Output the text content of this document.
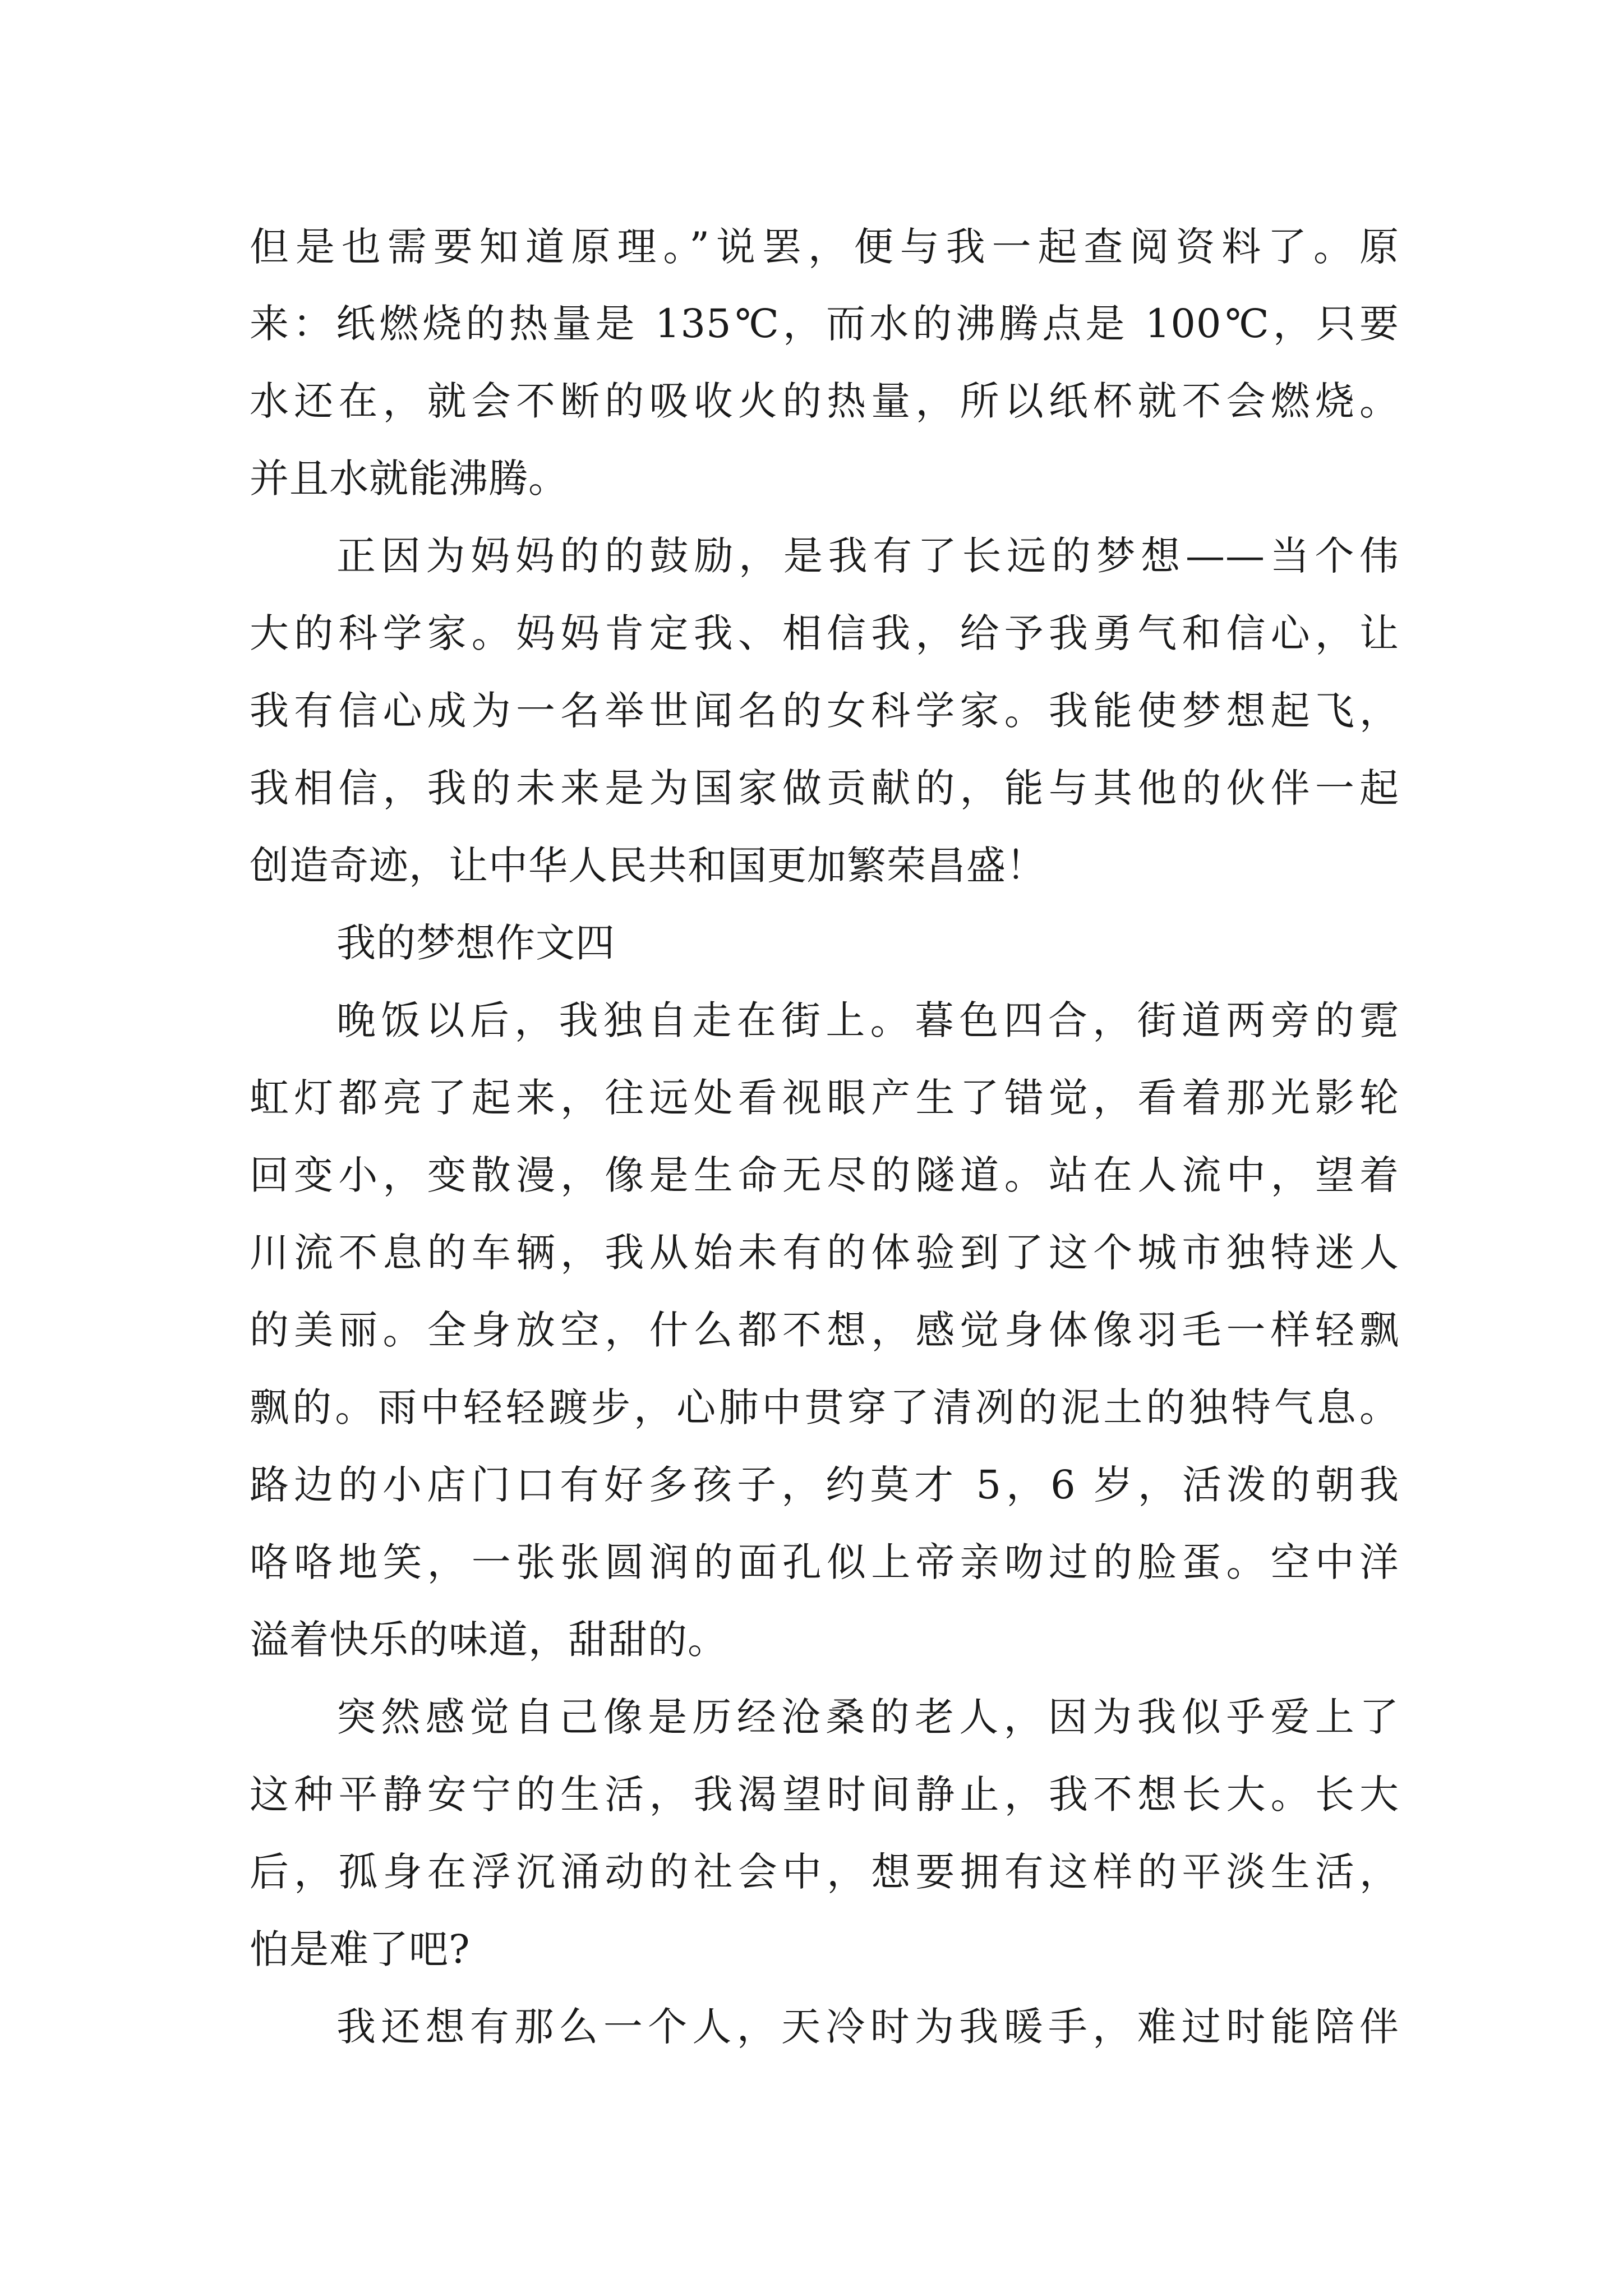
但是也需要知道原理。”说罢，便与我一起查阅资料了。原
来：纸燃烧的热量是 135℃，而水的沸腾点是 100℃，只要
水还在，就会不断的吸收火的热量，所以纸杯就不会燃烧。
并且水就能沸腾。
正因为妈妈的的鼓励，是我有了长远的梦想——当个伟
大的科学家。妈妈肯定我、相信我，给予我勇气和信心，让
我有信心成为一名举世闻名的女科学家。我能使梦想起飞，
我相信，我的未来是为国家做贡献的，能与其他的伙伴一起
创造奇迹，让中华人民共和国更加繁荣昌盛！
我的梦想作文四
晚饭以后，我独自走在街上。暮色四合，街道两旁的霓
虹灯都亮了起来，往远处看视眼产生了错觉，看着那光影轮
回变小，变散漫，像是生命无尽的隧道。站在人流中，望着
川流不息的车辆，我从始未有的体验到了这个城市独特迷人
的美丽。全身放空，什么都不想，感觉身体像羽毛一样轻飘
飘的。雨中轻轻踱步，心肺中贯穿了清冽的泥土的独特气息。
路边的小店门口有好多孩子，约莫才 5，6 岁，活泼的朝我
咯咯地笑，一张张圆润的面孔似上帝亲吻过的脸蛋。空中洋
溢着快乐的味道，甜甜的。
突然感觉自己像是历经沧桑的老人，因为我似乎爱上了
这种平静安宁的生活，我渴望时间静止，我不想长大。长大
后，孤身在浮沉涌动的社会中，想要拥有这样的平淡生活，
怕是难了吧?
我还想有那么一个人，天冷时为我暖手，难过时能陪伴
